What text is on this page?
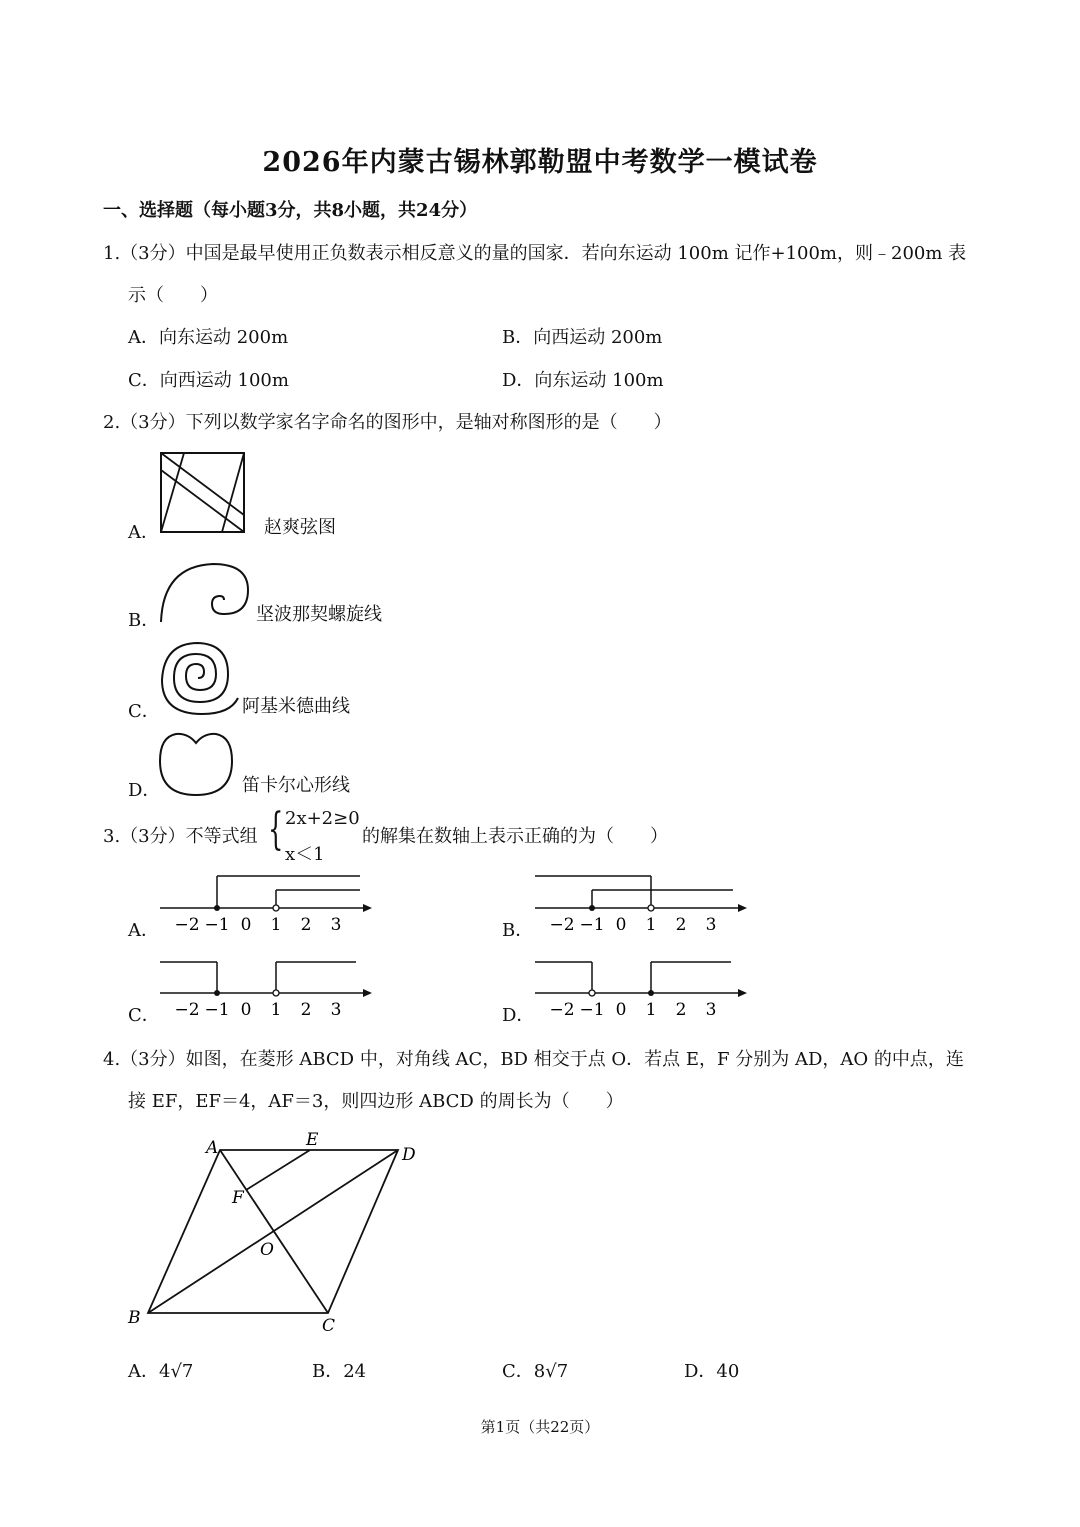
2026年内蒙古锡林郭勒盟中考数学一模试卷
一、选择题（每小题3分，共8小题，共24分）
1.（3分）中国是最早使用正负数表示相反意义的量的国家．若向东运动 100m 记作+100m，则﹣200m 表
示（　　）
A．向东运动 200m	B．向西运动 200m
C．向西运动 100m	D．向东运动 100m
2.（3分）下列以数学家名字命名的图形中，是轴对称图形的是（　　）
A．	赵爽弦图
B．	坚波那契螺旋线
C．	阿基米德曲线
D．	笛卡尔心形线
3.（3分）不等式组 { 2x+2≥0
x＜1
的解集在数轴上表示正确的为（　　）
A．	B．
C．	D．
−2 −1 0 1 2 3	−2 −1 0 1 2 3
−2 −1 0 1 2 3	−2 −1 0 1 2 3
4.（3分）如图，在菱形 ABCD 中，对角线 AC，BD 相交于点 O．若点 E，F 分别为 AD，AO 的中点，连
接 EF，EF＝4，AF＝3，则四边形 ABCD 的周长为（　　）
A	E
D
F
O
B	C
A．4√7	B．24	C．8√7	D．40
第1页（共22页）
